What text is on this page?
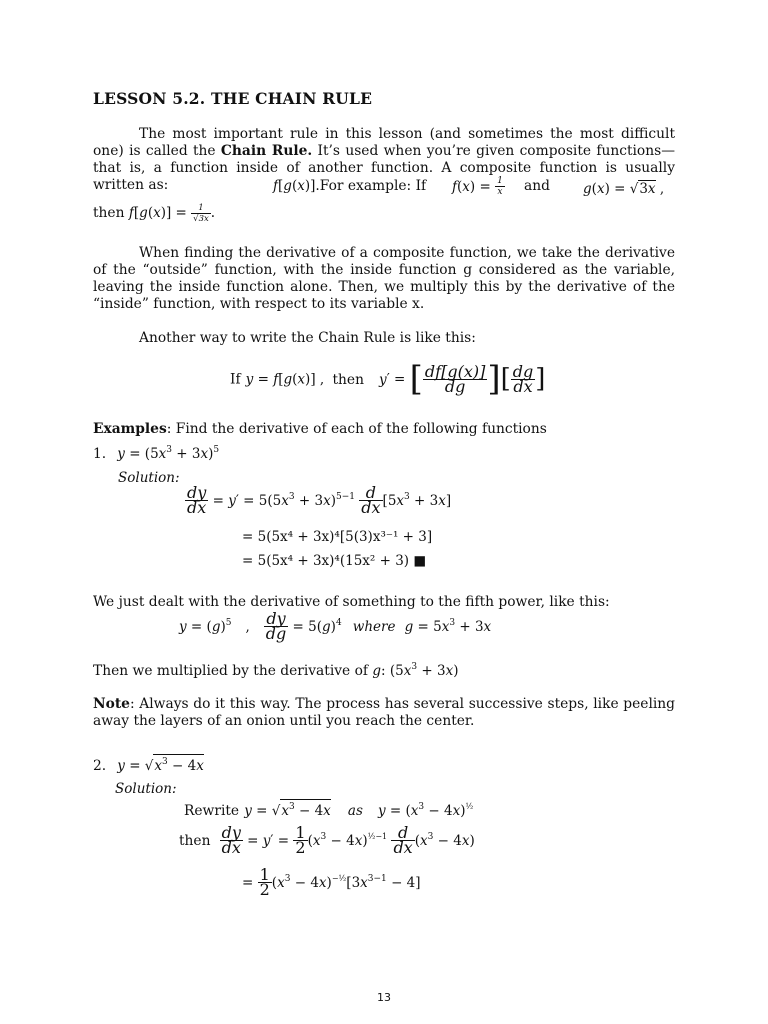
LESSON 5.2. THE CHAIN RULE
The most important rule in this lesson (and sometimes the most difficult one) is called the Chain Rule. It’s used when you’re given composite functions—that is, a function inside of another function. A composite function is usually written as:	f[g(x)].For example: If $f(x) = \frac{1}{x}$ and g(x) = √3x ,
then $f[g(x)] = \frac{1}{√3x}$ .
When finding the derivative of a composite function, we take the derivative of the “outside” function, with the inside function g considered as the variable, leaving the inside function alone. Then, we multiply this by the derivative of the “inside” function, with respect to its variable x.
Another way to write the Chain Rule is like this:
If y = f[g(x)] , then y′ = [ $\frac{df[g(x)]}{dg}$ ][ $\frac{dg}{dx}$ ]
Examples: Find the derivative of each of the following functions
1. $y = (5x^3 + 3x)^5$
Solution:
$\frac{dy}{dx} = y' = 5(5x^3 + 3x)^{5-1} \frac{d}{dx} [5x^3 + 3x]$
= 5(5x⁴ + 3x)⁴[5(3)x³⁻¹ + 3]
= 5(5x⁴ + 3x)⁴(15x² + 3) ■
We just dealt with the derivative of something to the fifth power, like this:
$y = (g)^5$ , $\frac{dy}{dg} = 5(g)^4$ where $g = 5x^3 + 3x$
Then we multiplied by the derivative of g: $(5x^3 + 3x)$
Note: Always do it this way. The process has several successive steps, like peeling away the layers of an onion until you reach the center.
2. $y = √x^3 - 4x$
Solution:
Rewrite $y = √x^3 - 4x$ as $y = (x^3 - 4x)^{\frac{1}{2}}$
then $\frac{dy}{dx} = y' = \frac{1}{2} (x^3 - 4x)^{\frac{1}{2}-1} \frac{d}{dx} (x^3 - 4x)$
= $\frac{1}{2} (x^3 - 4x)^{-\frac{1}{2}}[3x^{3-1} - 4]$
13
